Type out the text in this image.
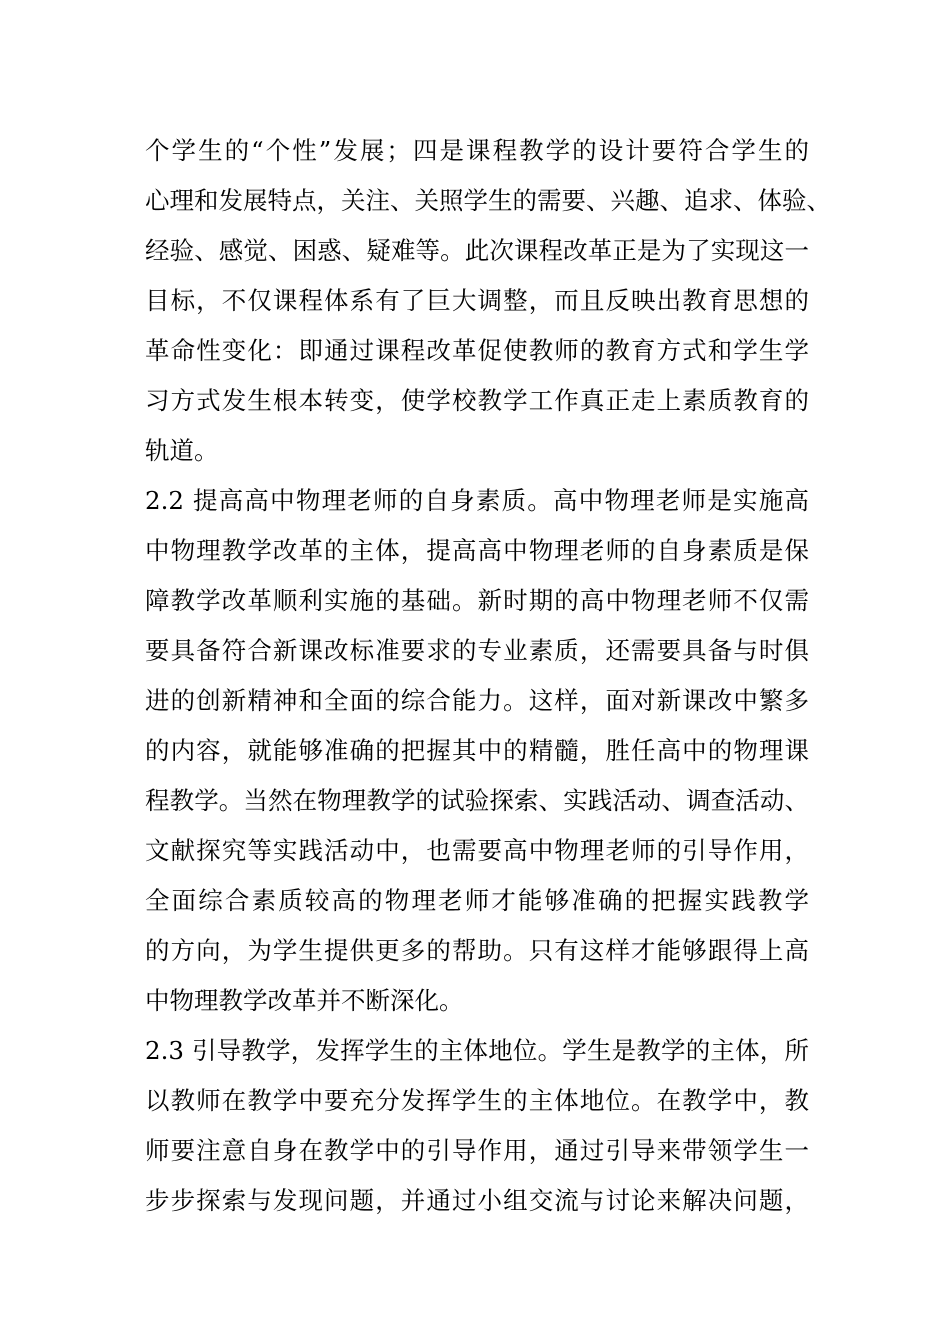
个学生的“个性”发展；四是课程教学的设计要符合学生的
心理和发展特点，关注、关照学生的需要、兴趣、追求、体验、
经验、感觉、困惑、疑难等。此次课程改革正是为了实现这一
目标，不仅课程体系有了巨大调整，而且反映出教育思想的
革命性变化：即通过课程改革促使教师的教育方式和学生学
习方式发生根本转变，使学校教学工作真正走上素质教育的
轨道。
2.2 提高高中物理老师的自身素质。高中物理老师是实施高
中物理教学改革的主体，提高高中物理老师的自身素质是保
障教学改革顺利实施的基础。新时期的高中物理老师不仅需
要具备符合新课改标准要求的专业素质，还需要具备与时俱
进的创新精神和全面的综合能力。这样，面对新课改中繁多
的内容，就能够准确的把握其中的精髓，胜任高中的物理课
程教学。当然在物理教学的试验探索、实践活动、调查活动、
文献探究等实践活动中，也需要高中物理老师的引导作用，
全面综合素质较高的物理老师才能够准确的把握实践教学
的方向，为学生提供更多的帮助。只有这样才能够跟得上高
中物理教学改革并不断深化。
2.3 引导教学，发挥学生的主体地位。学生是教学的主体，所
以教师在教学中要充分发挥学生的主体地位。在教学中，教
师要注意自身在教学中的引导作用，通过引导来带领学生一
步步探索与发现问题，并通过小组交流与讨论来解决问题，
